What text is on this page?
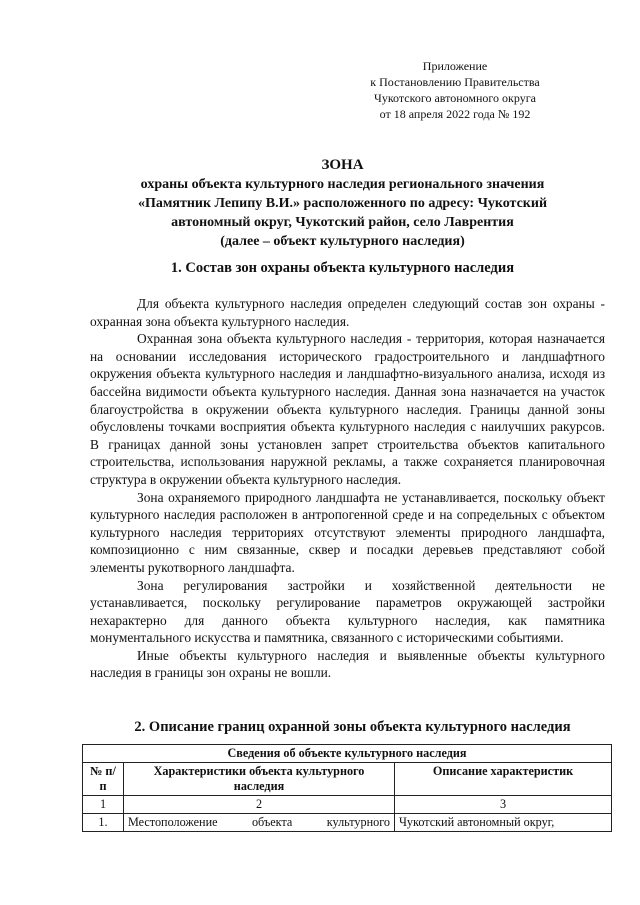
Приложение
к Постановлению Правительства
Чукотского автономного округа
от 18 апреля 2022 года № 192
ЗОНА
охраны объекта культурного наследия регионального значения
«Памятник Лепипу В.И.» расположенного по адресу: Чукотский
автономный округ, Чукотский район, село Лаврентия
(далее – объект культурного наследия)
1. Состав зон охраны объекта культурного наследия

Для объекта культурного наследия определен следующий состав зон охраны - охранная зона объекта культурного наследия.

Охранная зона объекта культурного наследия - территория, которая назначается на основании исследования исторического градостроительного и ландшафтного окружения объекта культурного наследия и ландшафтно-визуального анализа, исходя из бассейна видимости объекта культурного наследия. Данная зона назначается на участок благоустройства в окружении объекта культурного наследия. Границы данной зоны обусловлены точками восприятия объекта культурного наследия с наилучших ракурсов. В границах данной зоны установлен запрет строительства объектов капитального строительства, использования наружной рекламы, а также сохраняется планировочная структура в окружении объекта культурного наследия.

Зона охраняемого природного ландшафта не устанавливается, поскольку объект культурного наследия расположен в антропогенной среде и на сопредельных с объектом культурного наследия территориях отсутствуют элементы природного ландшафта, композиционно с ним связанные, сквер и посадки деревьев представляют собой элементы рукотворного ландшафта.

Зона регулирования застройки и хозяйственной деятельности не устанавливается, поскольку регулирование параметров окружающей застройки нехарактерно для данного объекта культурного наследия, как памятника монументального искусства и памятника, связанного с историческими событиями.

Иные объекты культурного наследия и выявленные объекты культурного наследия в границы зон охраны не вошли.

2. Описание границ охранной зоны объекта культурного наследия
Сведения об объекте культурного наследия		
№ п/п	Характеристики объекта культурного наследия	Описание характеристик
1	2	3
1.	Местоположение объекта культурного	Чукотский автономный округ,
